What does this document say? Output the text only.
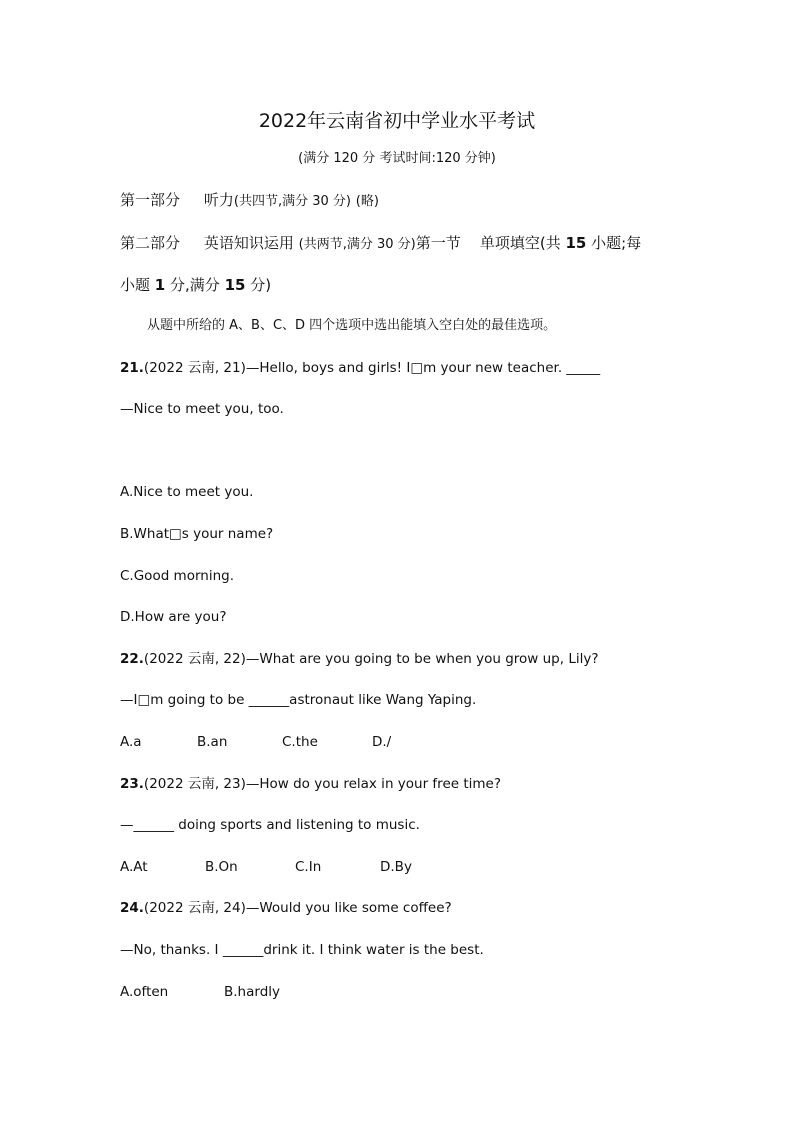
2022年云南省初中学业水平考试
(满分 120 分 考试时间:120 分钟)
第一部分 听力(共四节,满分 30 分) (略)
第二部分 英语知识运用 (共两节,满分 30 分)第一节 单项填空(共 15 小题;每
小题 1 分,满分 15 分)
从题中所给的 A、B、C、D 四个选项中选出能填入空白处的最佳选项。
21.(2022 云南, 21)—Hello, boys and girls! I□m your new teacher. _____
—Nice to meet you, too.
A.Nice to meet you.
B.What□s your name?
C.Good morning.
D.How are you?
22.(2022 云南, 22)—What are you going to be when you grow up, Lily?
—I□m going to be ______astronaut like Wang Yaping.
A.a	B.an	C.the	D./
23.(2022 云南, 23)—How do you relax in your free time?
—______ doing sports and listening to music.
A.At	B.On	C.In	D.By
24.(2022 云南, 24)—Would you like some coffee?
—No, thanks. I ______drink it. I think water is the best.
A.often	B.hardly
